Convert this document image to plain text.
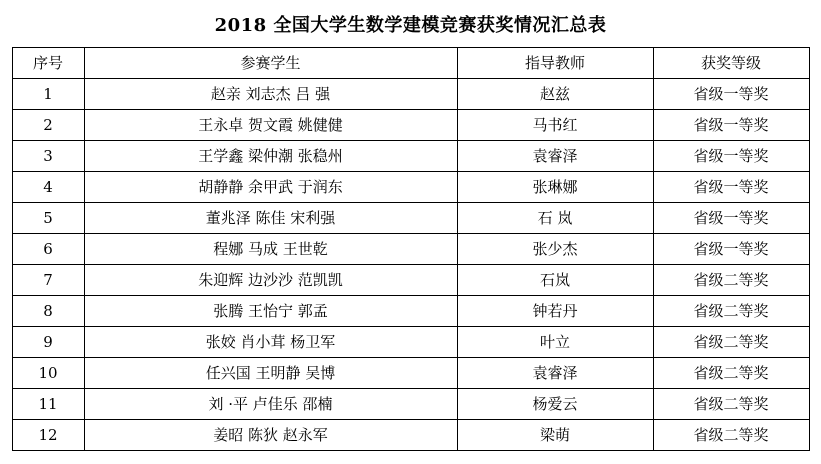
2018 全国大学生数学建模竞赛获奖情况汇总表
序号	参赛学生	指导教师	获奖等级
1	赵亲 刘志杰 吕 强	赵兹	省级一等奖
2	王永卓 贺文霞 姚健健	马书红	省级一等奖
3	王学鑫 梁仲潮 张稳州	袁睿泽	省级一等奖
4	胡静静 余甲武 于润东	张琳娜	省级一等奖
5	董兆泽 陈佳 宋利强	石 岚	省级一等奖
6	程娜 马成 王世乾	张少杰	省级一等奖
7	朱迎辉 边沙沙 范凯凯	石岚	省级二等奖
8	张腾 王怡宁 郭孟	钟若丹	省级二等奖
9	张姣 肖小茸 杨卫军	叶立	省级二等奖
10	任兴国 王明静 吴博	袁睿泽	省级二等奖
11	刘 ·平 卢佳乐 邵楠	杨爱云	省级二等奖
12	姜昭 陈狄 赵永军	梁萌	省级二等奖
